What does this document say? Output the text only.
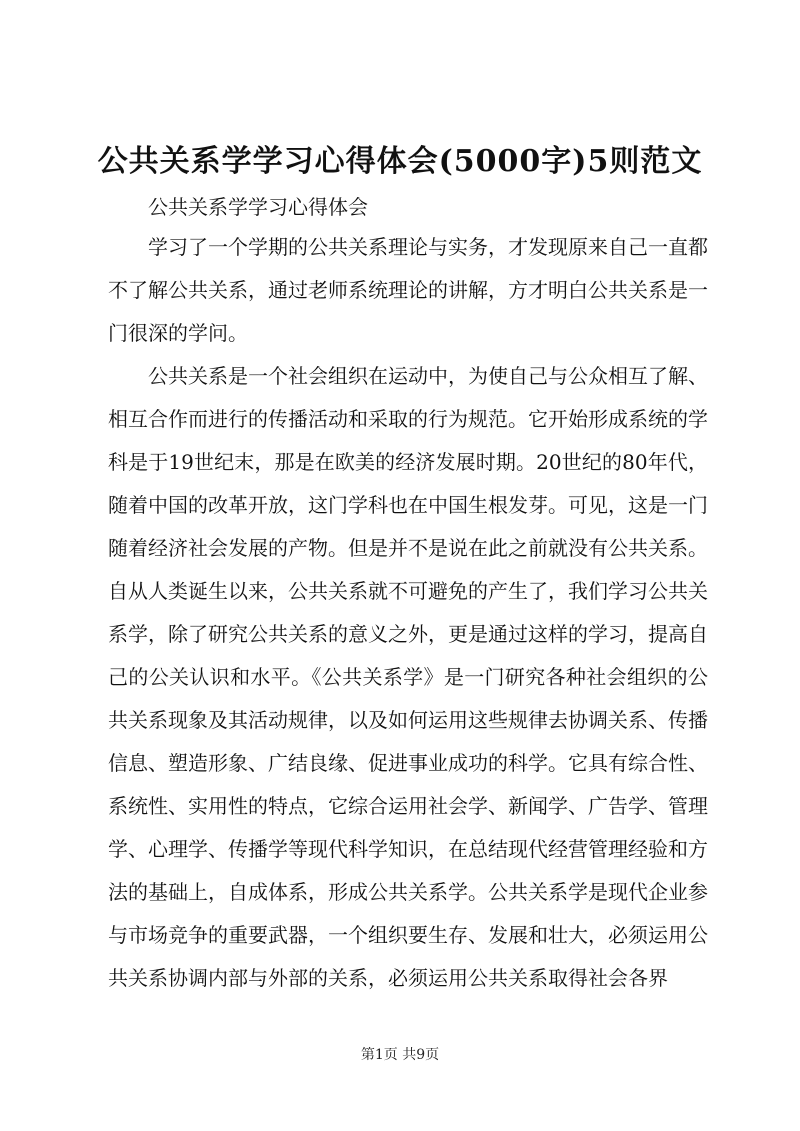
公共关系学学习心得体会(5000字)5则范文
公共关系学学习心得体会

学习了一个学期的公共关系理论与实务，才发现原来自己一直都不了解公共关系，通过老师系统理论的讲解，方才明白公共关系是一门很深的学问。

公共关系是一个社会组织在运动中，为使自己与公众相互了解、相互合作而进行的传播活动和采取的行为规范。它开始形成系统的学科是于19世纪末，那是在欧美的经济发展时期。20世纪的80年代，随着中国的改革开放，这门学科也在中国生根发芽。可见，这是一门随着经济社会发展的产物。但是并不是说在此之前就没有公共关系。自从人类诞生以来，公共关系就不可避免的产生了，我们学习公共关系学，除了研究公共关系的意义之外，更是通过这样的学习，提高自己的公关认识和水平。《公共关系学》是一门研究各种社会组织的公共关系现象及其活动规律，以及如何运用这些规律去协调关系、传播信息、塑造形象、广结良缘、促进事业成功的科学。它具有综合性、系统性、实用性的特点，它综合运用社会学、新闻学、广告学、管理学、心理学、传播学等现代科学知识，在总结现代经营管理经验和方法的基础上，自成体系，形成公共关系学。公共关系学是现代企业参与市场竞争的重要武器，一个组织要生存、发展和壮大，必须运用公共关系协调内部与外部的关系，必须运用公共关系取得社会各界

第1页 共9页
